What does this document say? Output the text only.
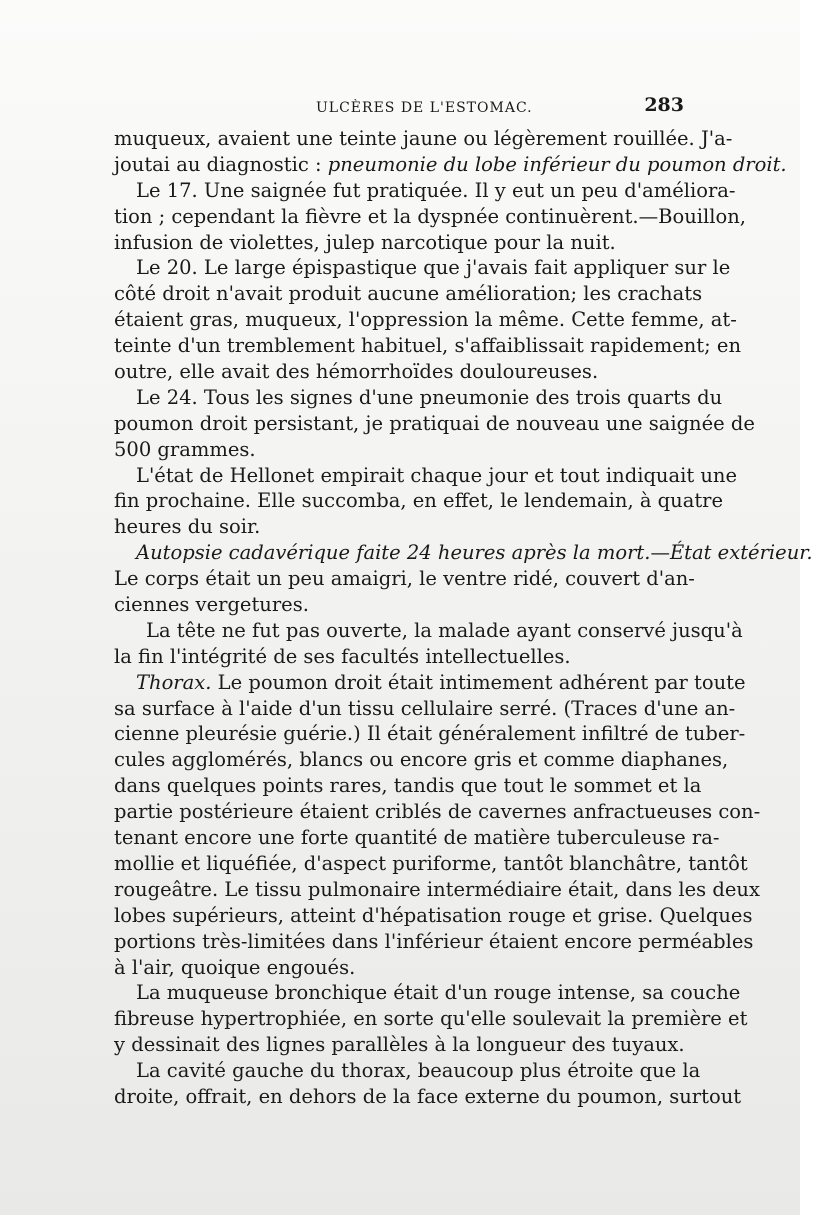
ULCÈRES DE L'ESTOMAC.	283
muqueux, avaient une teinte jaune ou légèrement rouillée. J'a-
joutai au diagnostic : pneumonie du lobe inférieur du poumon droit.
Le 17. Une saignée fut pratiquée. Il y eut un peu d'améliora-
tion ; cependant la fièvre et la dyspnée continuèrent.—Bouillon,
infusion de violettes, julep narcotique pour la nuit.
Le 20. Le large épispastique que j'avais fait appliquer sur le
côté droit n'avait produit aucune amélioration; les crachats
étaient gras, muqueux, l'oppression la même. Cette femme, at-
teinte d'un tremblement habituel, s'affaiblissait rapidement; en
outre, elle avait des hémorrhoïdes douloureuses.
Le 24. Tous les signes d'une pneumonie des trois quarts du
poumon droit persistant, je pratiquai de nouveau une saignée de
500 grammes.
L'état de Hellonet empirait chaque jour et tout indiquait une
fin prochaine. Elle succomba, en effet, le lendemain, à quatre
heures du soir.
Autopsie cadavérique faite 24 heures après la mort.—État extérieur.
Le corps était un peu amaigri, le ventre ridé, couvert d'an-
ciennes vergetures.
La tête ne fut pas ouverte, la malade ayant conservé jusqu'à
la fin l'intégrité de ses facultés intellectuelles.
Thorax. Le poumon droit était intimement adhérent par toute
sa surface à l'aide d'un tissu cellulaire serré. (Traces d'une an-
cienne pleurésie guérie.) Il était généralement infiltré de tuber-
cules agglomérés, blancs ou encore gris et comme diaphanes,
dans quelques points rares, tandis que tout le sommet et la
partie postérieure étaient criblés de cavernes anfractueuses con-
tenant encore une forte quantité de matière tuberculeuse ra-
mollie et liquéfiée, d'aspect puriforme, tantôt blanchâtre, tantôt
rougeâtre. Le tissu pulmonaire intermédiaire était, dans les deux
lobes supérieurs, atteint d'hépatisation rouge et grise. Quelques
portions très-limitées dans l'inférieur étaient encore perméables
à l'air, quoique engoués.
La muqueuse bronchique était d'un rouge intense, sa couche
fibreuse hypertrophiée, en sorte qu'elle soulevait la première et
y dessinait des lignes parallèles à la longueur des tuyaux.
La cavité gauche du thorax, beaucoup plus étroite que la
droite, offrait, en dehors de la face externe du poumon, surtout
